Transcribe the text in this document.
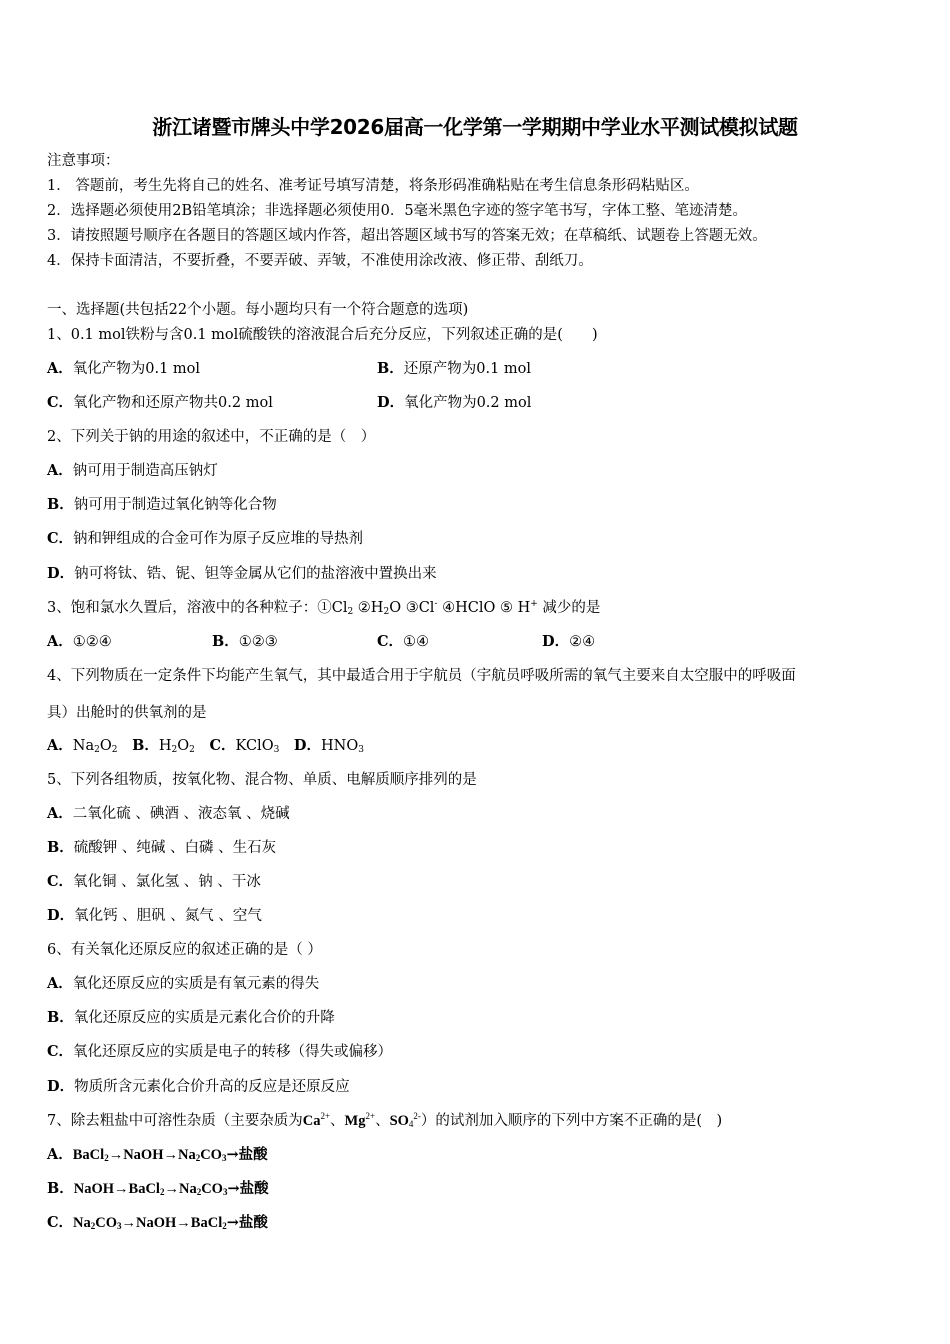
浙江诸暨市牌头中学2026届高一化学第一学期期中学业水平测试模拟试题
注意事项：
1． 答题前，考生先将自己的姓名、准考证号填写清楚，将条形码准确粘贴在考生信息条形码粘贴区。
2．选择题必须使用2B铅笔填涂；非选择题必须使用0．5毫米黑色字迹的签字笔书写，字体工整、笔迹清楚。
3．请按照题号顺序在各题目的答题区域内作答，超出答题区域书写的答案无效；在草稿纸、试题卷上答题无效。
4．保持卡面清洁，不要折叠，不要弄破、弄皱，不准使用涂改液、修正带、刮纸刀。
一、选择题(共包括22个小题。每小题均只有一个符合题意的选项)
1、0.1 mol铁粉与含0.1 mol硫酸铁的溶液混合后充分反应，下列叙述正确的是(　　)
A．氧化产物为0.1 mol	B．还原产物为0.1 mol
C．氧化产物和还原产物共0.2 mol	D．氧化产物为0.2 mol
2、下列关于钠的用途的叙述中，不正确的是（　）
A．钠可用于制造高压钠灯
B．钠可用于制造过氧化钠等化合物
C．钠和钾组成的合金可作为原子反应堆的导热剂
D．钠可将钛、锆、铌、钽等金属从它们的盐溶液中置换出来
3、饱和氯水久置后，溶液中的各种粒子：$①Cl_2$ $②H_2O$ ③Cl- ④HClO ⑤ H+ 减少的是
A．①②④	B．①②③	C．①④	D．②④
4、下列物质在一定条件下均能产生氧气，其中最适合用于宇航员（宇航员呼吸所需的氧气主要来自太空服中的呼吸面
具）出舱时的供氧剂的是
A．$Na_2O_2$ B．$H_2O_2$ C．KClO$_3$ D．$HNO_3$
5、下列各组物质，按氧化物、混合物、单质、电解质顺序排列的是
A．二氧化硫 、碘酒 、液态氧 、烧碱
B．硫酸钾 、纯碱 、白磷 、生石灰
C．氧化铜 、氯化氢 、钠 、干冰
D．氧化钙 、胆矾 、氮气 、空气
6、有关氧化还原反应的叙述正确的是（ ）
A．氧化还原反应的实质是有氧元素的得失
B．氧化还原反应的实质是元素化合价的升降
C．氧化还原反应的实质是电子的转移（得失或偏移）
D．物质所含元素化合价升高的反应是还原反应
7、除去粗盐中可溶性杂质（主要杂质为$Ca^{2+}$、$Mg^{2+}$、$SO_4^{2-}$）的试剂加入顺序的下列中方案不正确的是(　)
A．$BaCl_2\to NaOH\to Na_2CO_3\to$盐酸
B．$NaOH\to BaCl_2\to Na_2CO_3\to$盐酸
C．$Na_2CO_3\to NaOH\to BaCl_2\to$盐酸
